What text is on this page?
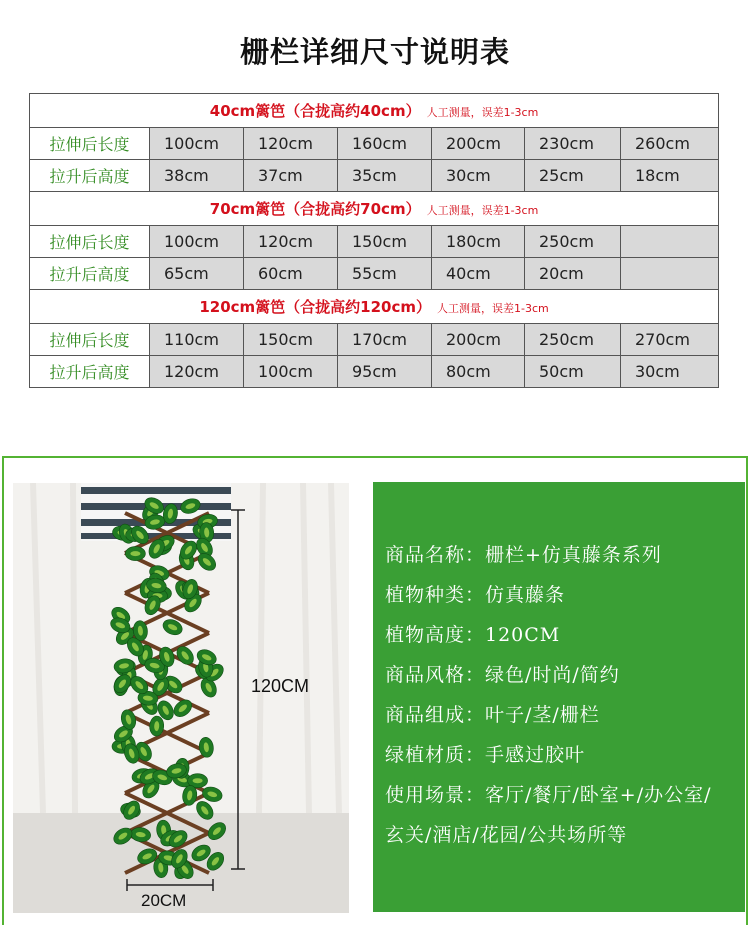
栅栏详细尺寸说明表
40cm篱笆（合拢高约40cm） 人工测量，误差1-3cm						
拉伸后长度	100cm	120cm	160cm	200cm	230cm	260cm
拉升后高度	38cm	37cm	35cm	30cm	25cm	18cm
70cm篱笆（合拢高约70cm） 人工测量，误差1-3cm						
拉伸后长度	100cm	120cm	150cm	180cm	250cm	
拉升后高度	65cm	60cm	55cm	40cm	20cm	
120cm篱笆（合拢高约120cm） 人工测量，误差1-3cm						
拉伸后长度	110cm	150cm	170cm	200cm	250cm	270cm
拉升后高度	120cm	100cm	95cm	80cm	50cm	30cm
120CM
20CM
商品名称：栅栏+仿真藤条系列
植物种类：仿真藤条
植物高度：120CM
商品风格：绿色/时尚/简约
商品组成：叶子/茎/栅栏
绿植材质：手感过胶叶
使用场景：客厅/餐厅/卧室+/办公室/
玄关/酒店/花园/公共场所等
